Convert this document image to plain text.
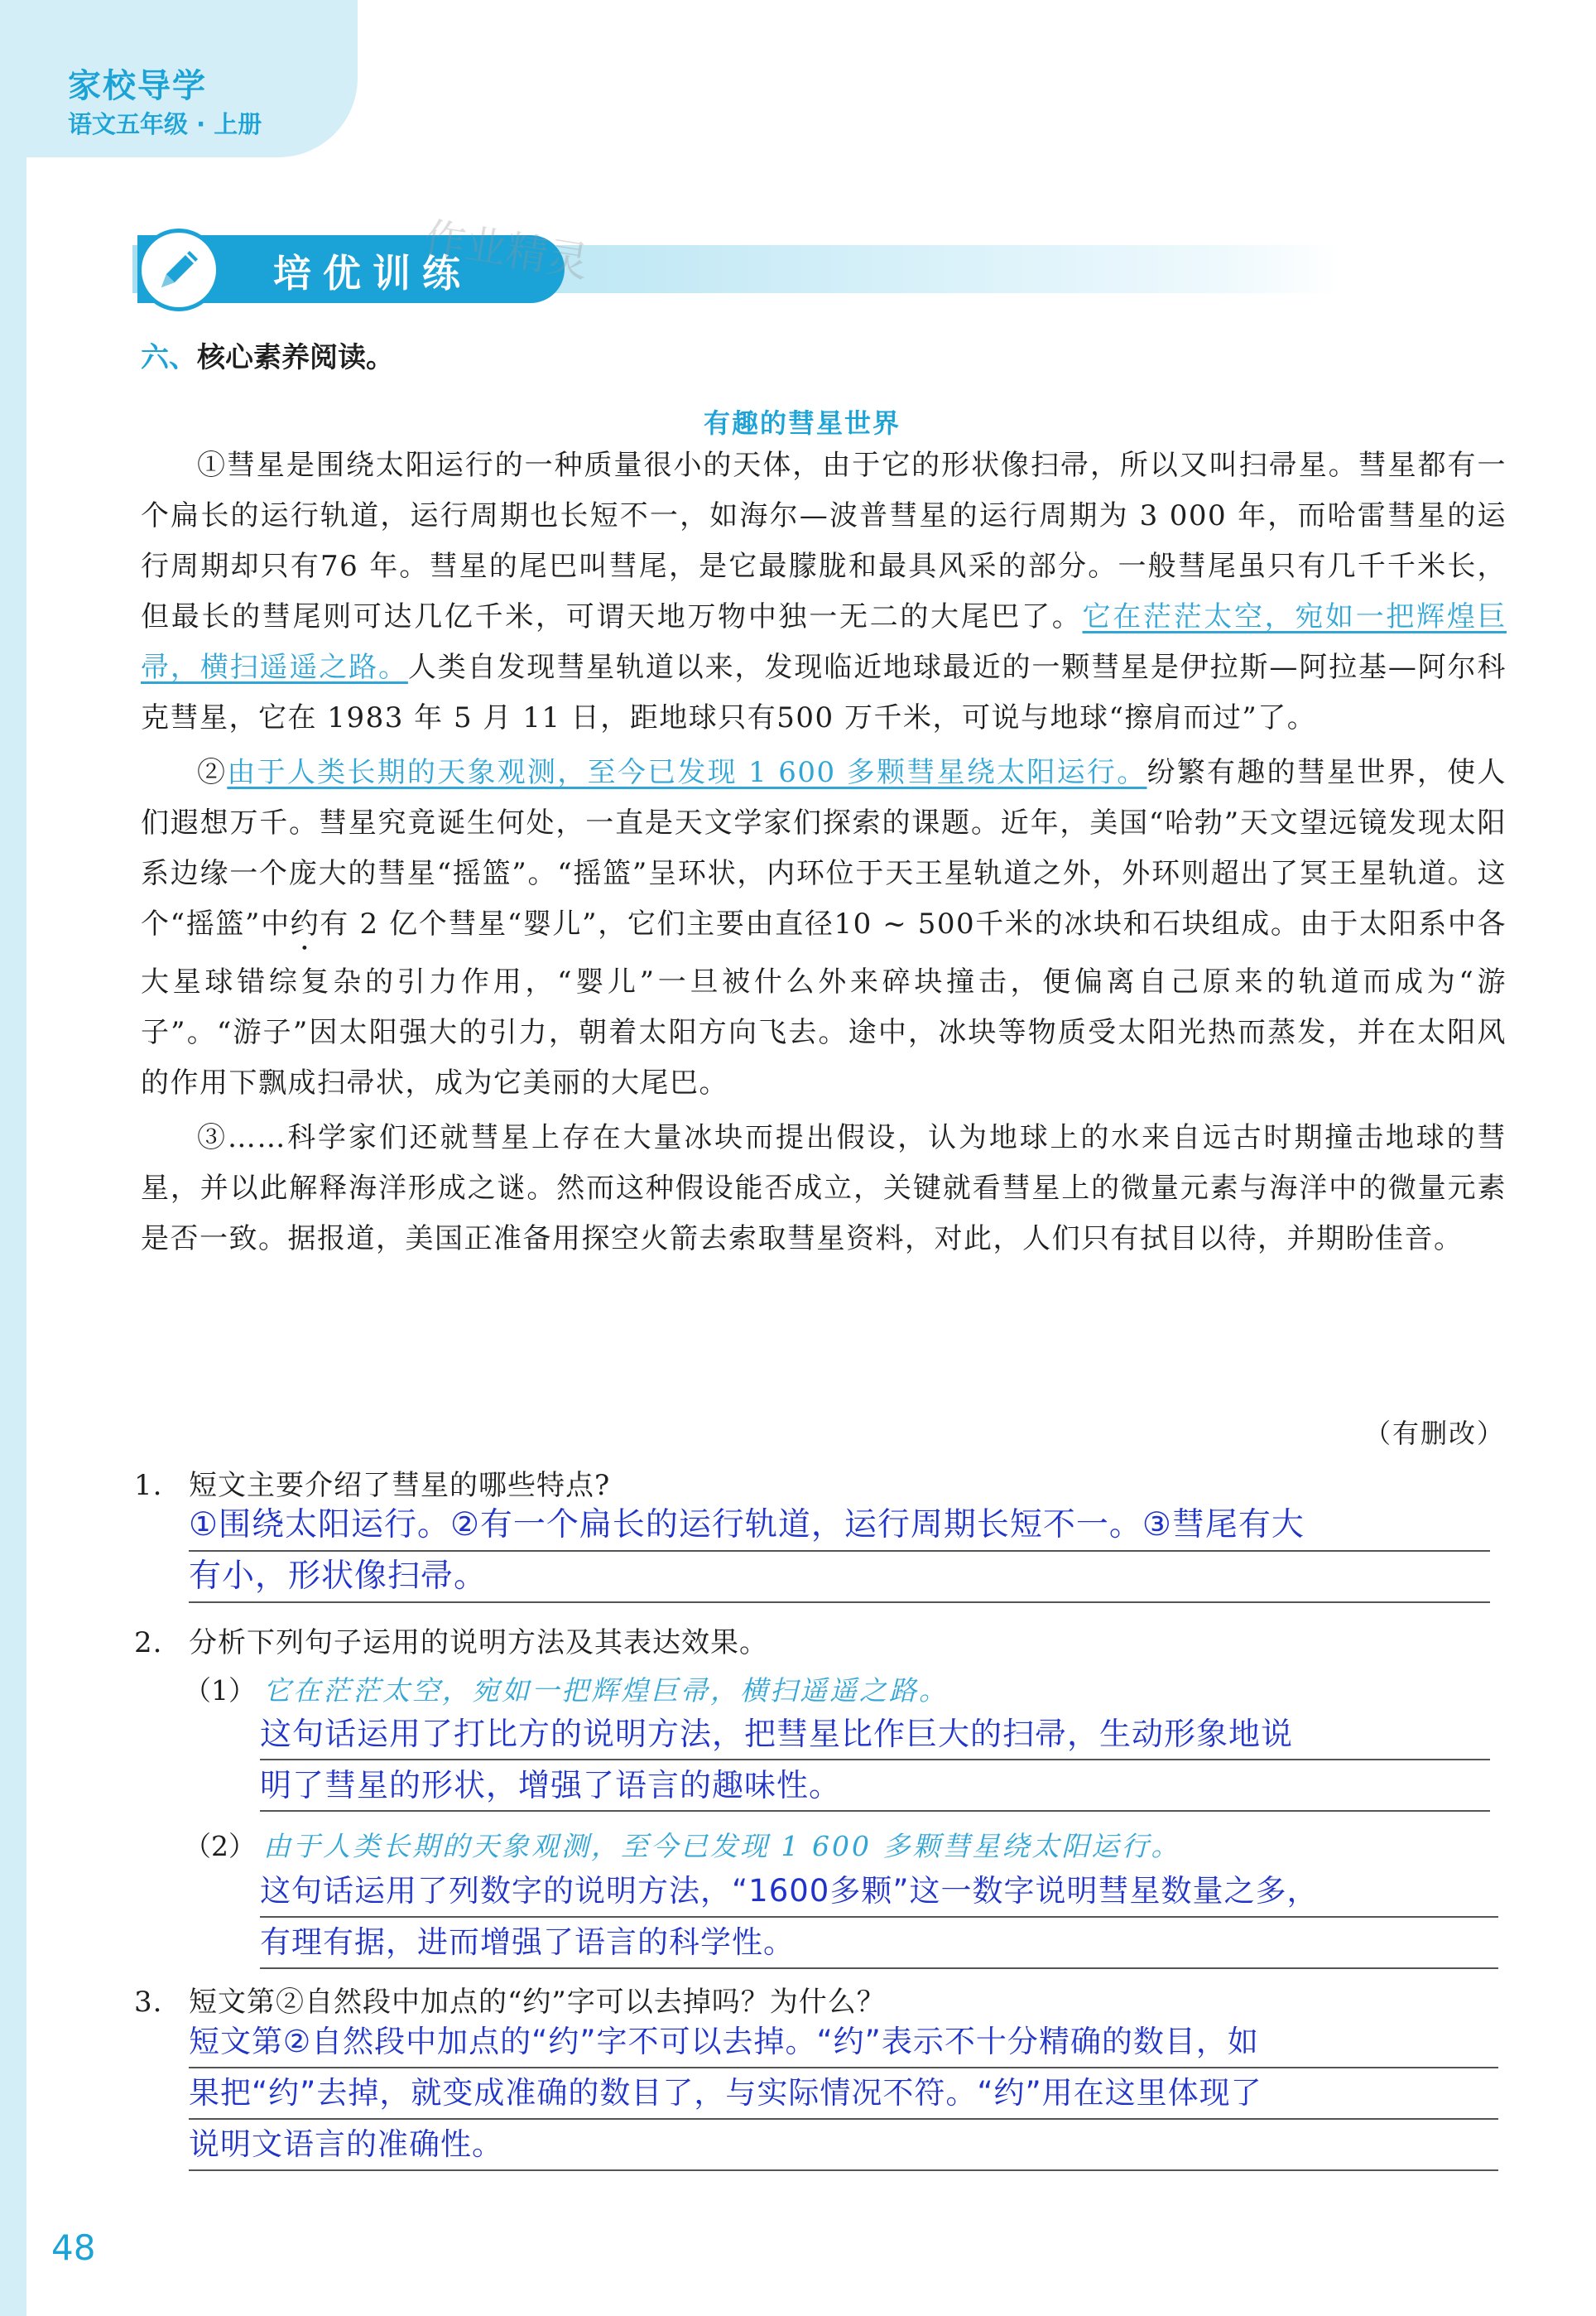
家校导学
语文五年级 · 上册
培优训练
作业精灵
六、核心素养阅读。
有趣的彗星世界

①彗星是围绕太阳运行的一种质量很小的天体，由于它的形状像扫帚，所以又叫扫帚星。彗星都有一个扁长的运行轨道，运行周期也长短不一，如海尔—波普彗星的运行周期为 3 000 年，而哈雷彗星的运行周期却只有76 年。彗星的尾巴叫彗尾，是它最朦胧和最具风采的部分。一般彗尾虽只有几千千米长，但最长的彗尾则可达几亿千米，可谓天地万物中独一无二的大尾巴了。它在茫茫太空，宛如一把辉煌巨帚，横扫遥遥之路。人类自发现彗星轨道以来，发现临近地球最近的一颗彗星是伊拉斯—阿拉基—阿尔科克彗星，它在 1983 年 5 月 11 日，距地球只有500 万千米，可说与地球“擦肩而过”了。

②由于人类长期的天象观测，至今已发现 1 600 多颗彗星绕太阳运行。纷繁有趣的彗星世界，使人们遐想万千。彗星究竟诞生何处，一直是天文学家们探索的课题。近年，美国“哈勃”天文望远镜发现太阳系边缘一个庞大的彗星“摇篮”。“摇篮”呈环状，内环位于天王星轨道之外，外环则超出了冥王星轨道。这个“摇篮”中约有 2 亿个彗星“婴儿”，它们主要由直径10 ~ 500千米的冰块和石块组成。由于太阳系中各大星球错综复杂的引力作用，“婴儿”一旦被什么外来碎块撞击，便偏离自己原来的轨道而成为“游子”。“游子”因太阳强大的引力，朝着太阳方向飞去。途中，冰块等物质受太阳光热而蒸发，并在太阳风的作用下飘成扫帚状，成为它美丽的大尾巴。

③……科学家们还就彗星上存在大量冰块而提出假设，认为地球上的水来自远古时期撞击地球的彗星，并以此解释海洋形成之谜。然而这种假设能否成立，关键就看彗星上的微量元素与海洋中的微量元素是否一致。据报道，美国正准备用探空火箭去索取彗星资料，对此，人们只有拭目以待，并期盼佳音。

（有删改）
1. 短文主要介绍了彗星的哪些特点?
①围绕太阳运行。②有一个扁长的运行轨道，运行周期长短不一。③彗尾有大
有小，形状像扫帚。
2. 分析下列句子运用的说明方法及其表达效果。
（1） 它在茫茫太空，宛如一把辉煌巨帚，横扫遥遥之路。
这句话运用了打比方的说明方法，把彗星比作巨大的扫帚，生动形象地说
明了彗星的形状，增强了语言的趣味性。
（2） 由于人类长期的天象观测，至今已发现 1 600 多颗彗星绕太阳运行。
这句话运用了列数字的说明方法，“1600多颗”这一数字说明彗星数量之多，
有理有据，进而增强了语言的科学性。
3. 短文第②自然段中加点的“约”字可以去掉吗？为什么？
短文第②自然段中加点的“约”字不可以去掉。“约”表示不十分精确的数目，如
果把“约”去掉，就变成准确的数目了，与实际情况不符。“约”用在这里体现了
说明文语言的准确性。
48
